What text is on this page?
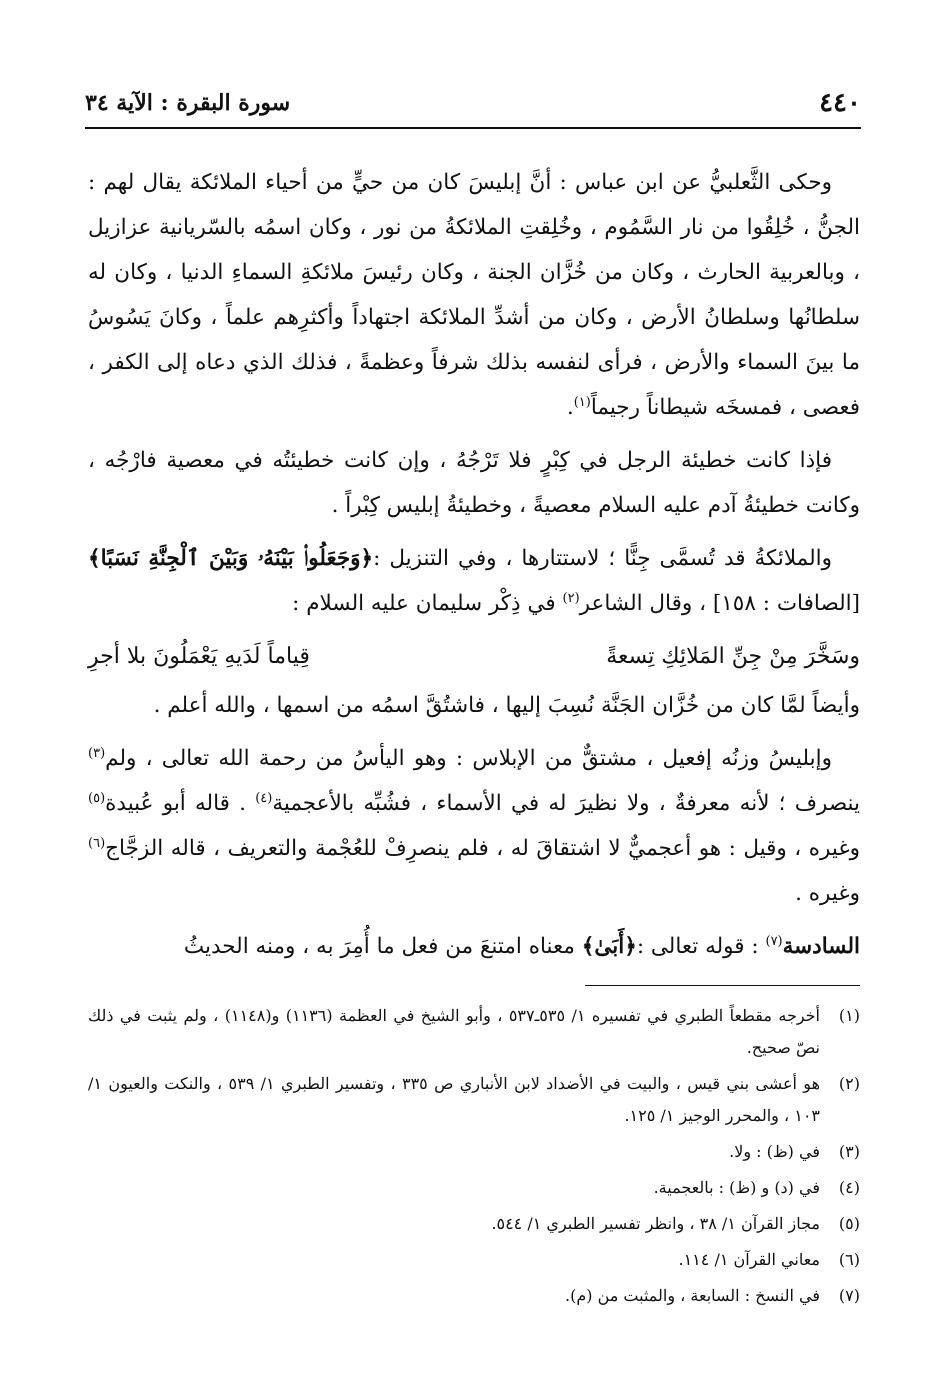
٤٤٠
سورة البقرة : الآية ٣٤

وحكى الثَّعلبيُّ عن ابن عباس : أنَّ إبليسَ كان من حيٍّ من أحياء الملائكة يقال لهم : الجنُّ ، خُلِقُوا من نار السَّمُوم ، وخُلِقتِ الملائكةُ من نور ، وكان اسمُه بالسّريانية عزازيل ، وبالعربية الحارث ، وكان من خُزَّان الجنة ، وكان رئيسَ ملائكةِ السماءِ الدنيا ، وكان له سلطانُها وسلطانُ الأرض ، وكان من أشدِّ الملائكة اجتهاداً وأكثرِهم علماً ، وكانَ يَسُوسُ ما بينَ السماء والأرض ، فرأى لنفسه بذلك شرفاً وعظمةً ، فذلك الذي دعاه إلى الكفر ، فعصى ، فمسخَه شيطاناً رجيماً$^{(١)}$.

فإذا كانت خطيئة الرجل في كِبْرٍ فلا تَرْجُهُ ، وإن كانت خطيئتُه في معصية فارْجُه ، وكانت خطيئةُ آدم عليه السلام معصيةً ، وخطيئةُ إبليس كِبْراً .

والملائكةُ قد تُسمَّى جِنًّا ؛ لاستتارها ، وفي التنزيل :﴿وَجَعَلُوا۟ بَيْنَهُۥ وَبَيْنَ ٱلْجِنَّةِ نَسَبًا﴾ [الصافات : ١٥٨] ، وقال الشاعر$^{(٢)}$ في ذِكْر سليمان عليه السلام :

وسَخَّرَ مِنْ جِنِّ المَلائِكِ تِسعةً
قِياماً لَدَيهِ يَعْمَلُونَ بلا أجرِ

وأيضاً لمَّا كان من خُزَّان الجَنَّة نُسِبَ إليها ، فاشتُقَّ اسمُه من اسمها ، والله أعلم .

وإبليسُ وزنُه إفعيل ، مشتقٌّ من الإبلاس : وهو اليأسُ من رحمة الله تعالى ، ولم$^{(٣)}$ ينصرف ؛ لأنه معرفةٌ ، ولا نظيرَ له في الأسماء ، فشُبِّه بالأعجمية$^{(٤)}$ . قاله أبو عُبيدة$^{(٥)}$ وغيره ، وقيل : هو أعجميٌّ لا اشتقاقَ له ، فلم ينصرِفْ للعُجْمة والتعريف ، قاله الزجَّاج$^{(٦)}$ وغيره .

السادسة$^{(٧)}$ : قوله تعالى :﴿أَبَىٰ﴾ معناه امتنعَ من فعل ما أُمِرَ به ، ومنه الحديثُ

(١)
أخرجه مقطعاً الطبري في تفسيره ١/ ٥٣٥ـ٥٣٧ ، وأبو الشيخ في العظمة (١١٣٦) و(١١٤٨) ، ولم يثبت في ذلك نصّ صحيح.
(٢)
هو أعشى بني قيس ، والبيت في الأضداد لابن الأنباري ص ٣٣٥ ، وتفسير الطبري ١/ ٥٣٩ ، والنكت والعيون ١/ ١٠٣ ، والمحرر الوجيز ١/ ١٢٥.
(٣)
في (ظ) : ولا.
(٤)
في (د) و (ظ) : بالعجمية.
(٥)
مجاز القرآن ١/ ٣٨ ، وانظر تفسير الطبري ١/ ٥٤٤.
(٦)
معاني القرآن ١/ ١١٤.
(٧)
في النسخ : السابعة ، والمثبت من (م).
